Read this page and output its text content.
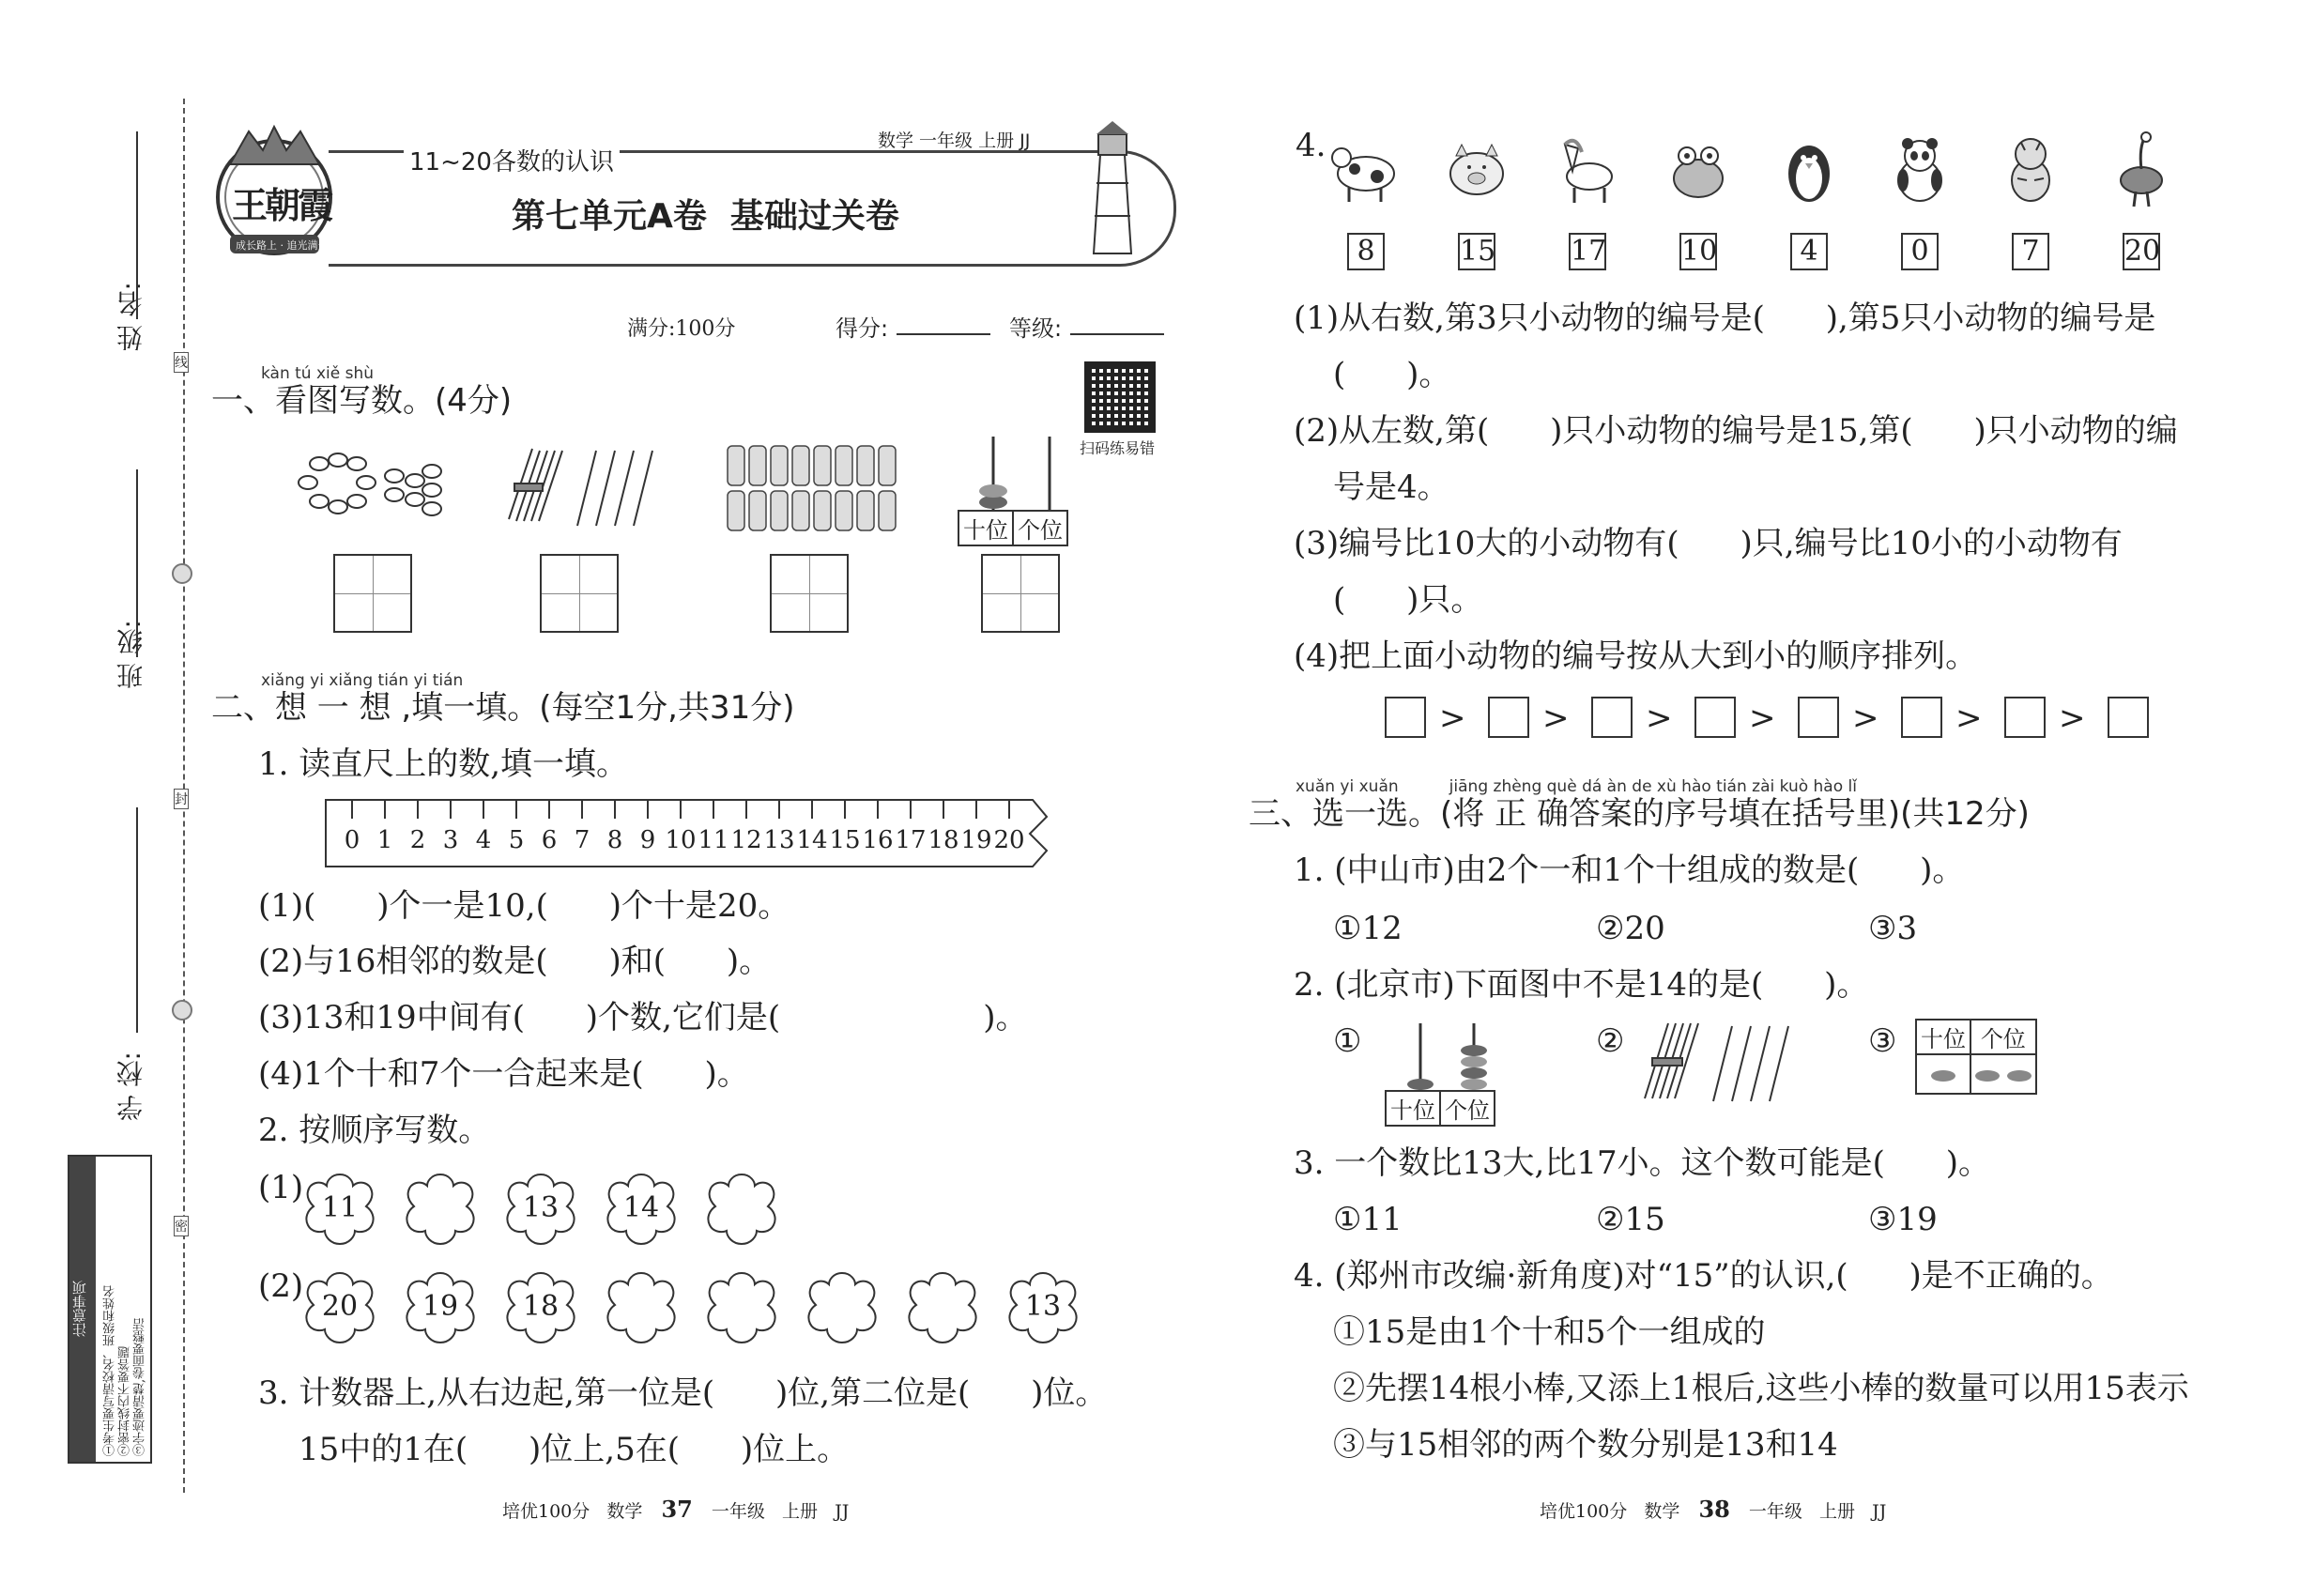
姓 名:
班 级:
学 校:
线
封
密
注意事项	①考生要写清校名、班级和姓名 ②密封线内不要答题 ③字迹要清楚,卷面要整洁
王朝霞
成长路上 · 追光满天
11~20各数的认识
数学 一年级 上册 JJ
第七单元A卷  基础过关卷
满分:100分	得分:	等级:
扫码练易错
kàn tú xiě shù
一、看图写数。(4分)
十位	个位
xiǎng yi xiǎng tián yi tián
二、想 一 想 ,填一填。(每空1分,共31分)
1. 读直尺上的数,填一填。
0 1 2 3 4 5 6 7 8 9 10 11 12 13 14 15 16 17 18 19 20
(1)(      )个一是10,(      )个十是20。
(2)与16相邻的数是(      )和(      )。
(3)13和19中间有(      )个数,它们是(                    )。
(4)1个十和7个一合起来是(      )。
2. 按顺序写数。
(1)
11	13	14
(2)
20	19	18	13
3. 计数器上,从右边起,第一位是(      )位,第二位是(      )位。
15中的1在(      )位上,5在(      )位上。
4.
8	15	17	10	4	0	7	20
(1)从右数,第3只小动物的编号是(      ),第5只小动物的编号是
(      )。
(2)从左数,第(      )只小动物的编号是15,第(      )只小动物的编
号是4。
(3)编号比10大的小动物有(      )只,编号比10小的小动物有
(      )只。
(4)把上面小动物的编号按从大到小的顺序排列。
> > > > > > >
xuǎn yi xuǎn          jiāng zhèng què dá àn de xù hào tián zài kuò hào lǐ
三、选一选。(将 正 确答案的序号填在括号里)(共12分)
1. (中山市)由2个一和1个十组成的数是(      )。
①12	②20	③3
2. (北京市)下面图中不是14的是(      )。
①
十位	个位
②	③ 十位	个位

3. 一个数比13大,比17小。这个数可能是(      )。
①11	②15	③19
4. (郑州市改编·新角度)对“15”的认识,(      )是不正确的。
①15是由1个十和5个一组成的
②先摆14根小棒,又添上1根后,这些小棒的数量可以用15表示
③与15相邻的两个数分别是13和14
培优100分   数学 37 一年级   上册   JJ	培优100分   数学 38 一年级   上册   JJ
